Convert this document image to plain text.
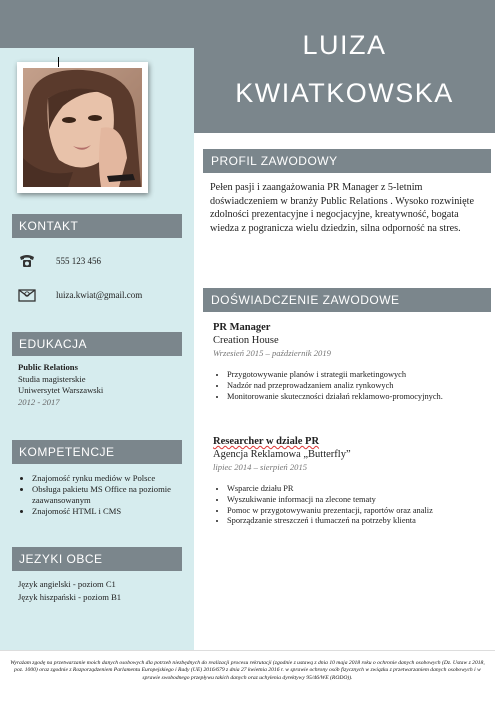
LUIZA
KWIATKOWSKA
KONTAKT
555 123 456
luiza.kwiat@gmail.com
EDUKACJA
Public Relations
Studia magisterskie
Uniwersytet Warszawski
2012 - 2017
KOMPETENCJE
• Znajomość rynku mediów w Polsce
• Obsługa pakietu MS Office na poziomie zaawansowanym
• Znajomość HTML i CMS
JEZYKI OBCE
Język angielski - poziom C1
Język hiszpański - poziom B1
PROFIL ZAWODOWY
Pełen pasji i zaangażowania PR Manager z 5-letnim doświadczeniem w branży Public Relations . Wysoko rozwinięte zdolności prezentacyjne i negocjacyjne, kreatywność, bogata wiedza z pogranicza wielu dziedzin, silna odporność na stres.
DOŚWIADCZENIE ZAWODOWE
PR Manager
Creation House
Wrzesień 2015 – październik 2019
• Przygotowywanie planów i strategii marketingowych
• Nadzór nad przeprowadzaniem analiz rynkowych
• Monitorowanie skuteczności działań reklamowo-promocyjnych.
Researcher w dziale PR
Agencja Reklamowa „Butterfly”
lipiec 2014 – sierpień 2015
• Wsparcie działu PR
• Wyszukiwanie informacji na zlecone tematy
• Pomoc w przygotowywaniu prezentacji, raportów oraz analiz
• Sporządzanie streszczeń i tłumaczeń na potrzeby klienta
Wyrażam zgodę na przetwarzanie moich danych osobowych dla potrzeb niezbędnych do realizacji procesu rekrutacji (zgodnie z ustawą z dnia 10 maja 2018 roku o ochronie danych osobowych (Dz. Ustaw z 2018, poz. 1000) oraz zgodnie z Rozporządzeniem Parlamentu Europejskiego i Rady (UE) 2016/679 z dnia 27 kwietnia 2016 r. w sprawie ochrony osób fizycznych w związku z przetwarzaniem danych osobowych i w sprawie swobodnego przepływu takich danych oraz uchylenia dyrektywy 95/46/WE (RODO)).
